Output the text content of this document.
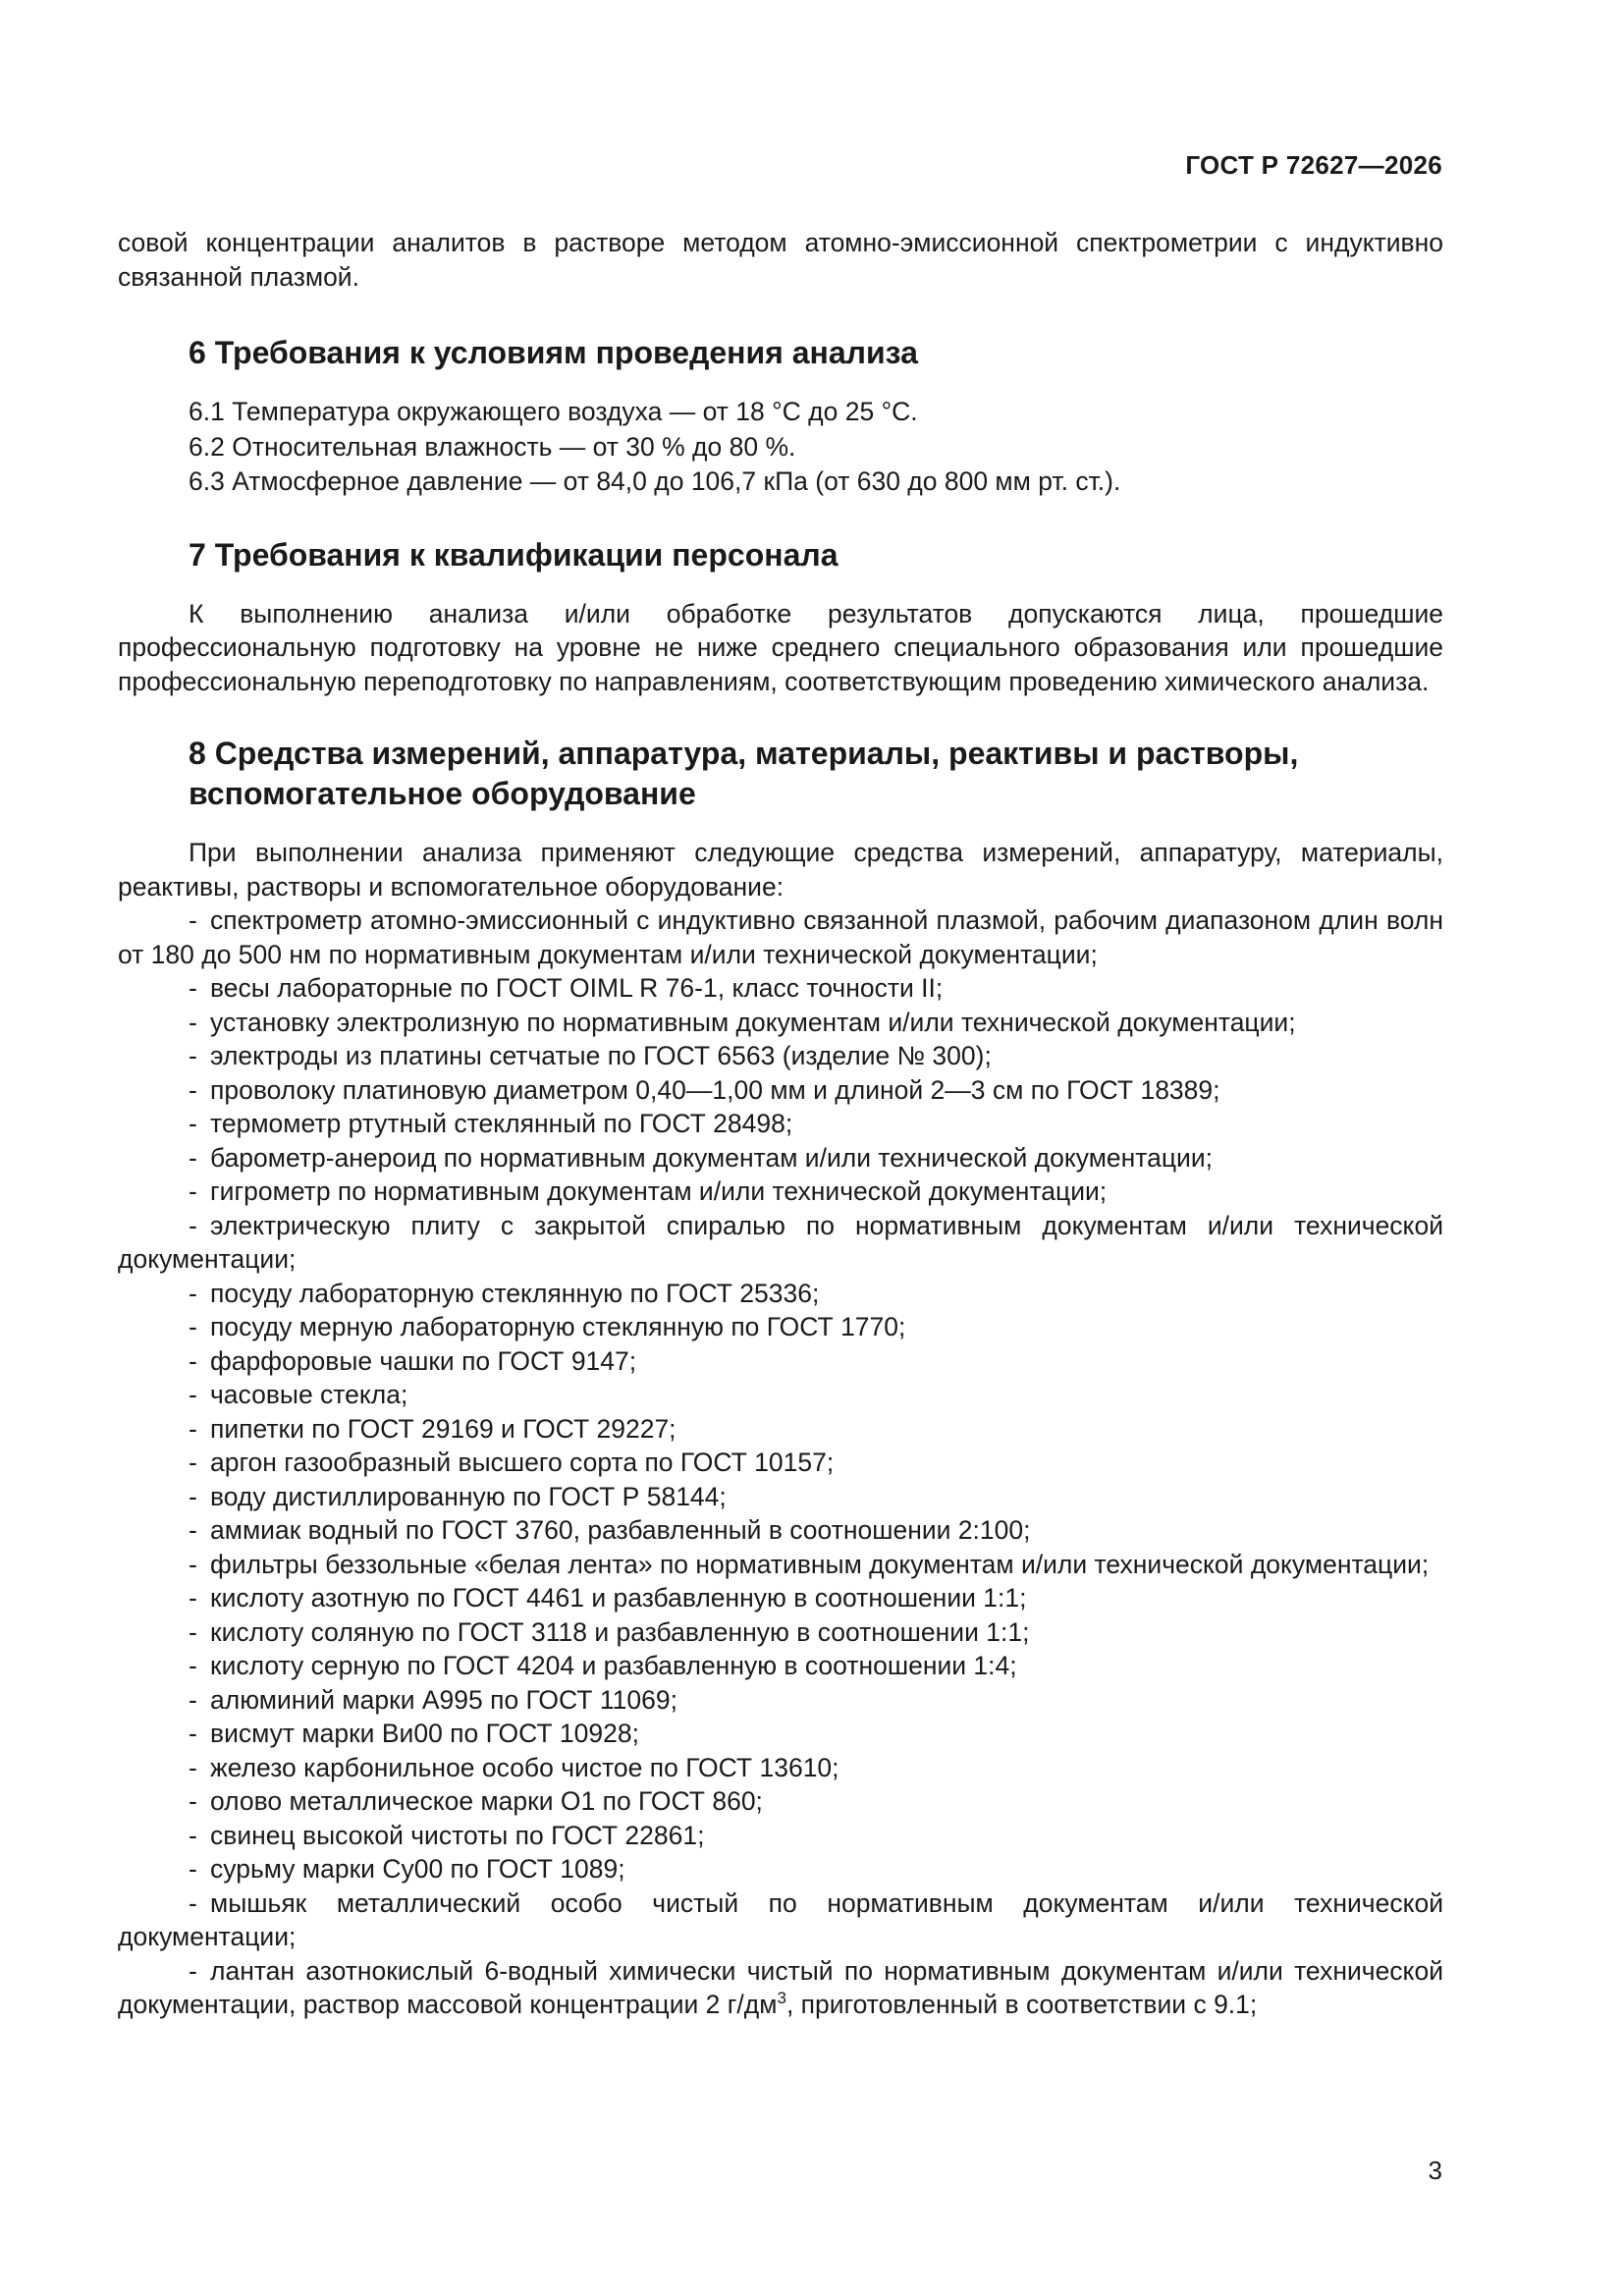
ГОСТ Р 72627—2026

совой концентрации аналитов в растворе методом атомно-эмиссионной спектрометрии с индуктивно связанной плазмой.

6 Требования к условиям проведения анализа

6.1 Температура окружающего воздуха — от 18 °С до 25 °С.

6.2 Относительная влажность — от 30 % до 80 %.

6.3 Атмосферное давление — от 84,0 до 106,7 кПа (от 630 до 800 мм рт. ст.).

7 Требования к квалификации персонала

К выполнению анализа и/или обработке результатов допускаются лица, прошедшие профессиональную подготовку на уровне не ниже среднего специального образования или прошедшие профессиональную переподготовку по направлениям, соответствующим проведению химического анализа.

8 Средства измерений, аппаратура, материалы, реактивы и растворы,
вспомогательное оборудование

При выполнении анализа применяют следующие средства измерений, аппаратуру, материалы, реактивы, растворы и вспомогательное оборудование:

- спектрометр атомно-эмиссионный с индуктивно связанной плазмой, рабочим диапазоном длин волн от 180 до 500 нм по нормативным документам и/или технической документации;

- весы лабораторные по ГОСТ OIML R 76-1, класс точности II;

- установку электролизную по нормативным документам и/или технической документации;

- электроды из платины сетчатые по ГОСТ 6563 (изделие № 300);

- проволоку платиновую диаметром 0,40—1,00 мм и длиной 2—3 см по ГОСТ 18389;

- термометр ртутный стеклянный по ГОСТ 28498;

- барометр-анероид по нормативным документам и/или технической документации;

- гигрометр по нормативным документам и/или технической документации;

- электрическую плиту с закрытой спиралью по нормативным документам и/или технической документации;

- посуду лабораторную стеклянную по ГОСТ 25336;

- посуду мерную лабораторную стеклянную по ГОСТ 1770;

- фарфоровые чашки по ГОСТ 9147;

- часовые стекла;

- пипетки по ГОСТ 29169 и ГОСТ 29227;

- аргон газообразный высшего сорта по ГОСТ 10157;

- воду дистиллированную по ГОСТ Р 58144;

- аммиак водный по ГОСТ 3760, разбавленный в соотношении 2:100;

- фильтры беззольные «белая лента» по нормативным документам и/или технической документации;

- кислоту азотную по ГОСТ 4461 и разбавленную в соотношении 1:1;

- кислоту соляную по ГОСТ 3118 и разбавленную в соотношении 1:1;

- кислоту серную по ГОСТ 4204 и разбавленную в соотношении 1:4;

- алюминий марки А995 по ГОСТ 11069;

- висмут марки Ви00 по ГОСТ 10928;

- железо карбонильное особо чистое по ГОСТ 13610;

- олово металлическое марки О1 по ГОСТ 860;

- свинец высокой чистоты по ГОСТ 22861;

- сурьму марки Су00 по ГОСТ 1089;

- мышьяк металлический особо чистый по нормативным документам и/или технической документации;

- лантан азотнокислый 6-водный химически чистый по нормативным документам и/или технической документации, раствор массовой концентрации 2 $г/дм^3$, приготовленный в соответствии с 9.1;

3
